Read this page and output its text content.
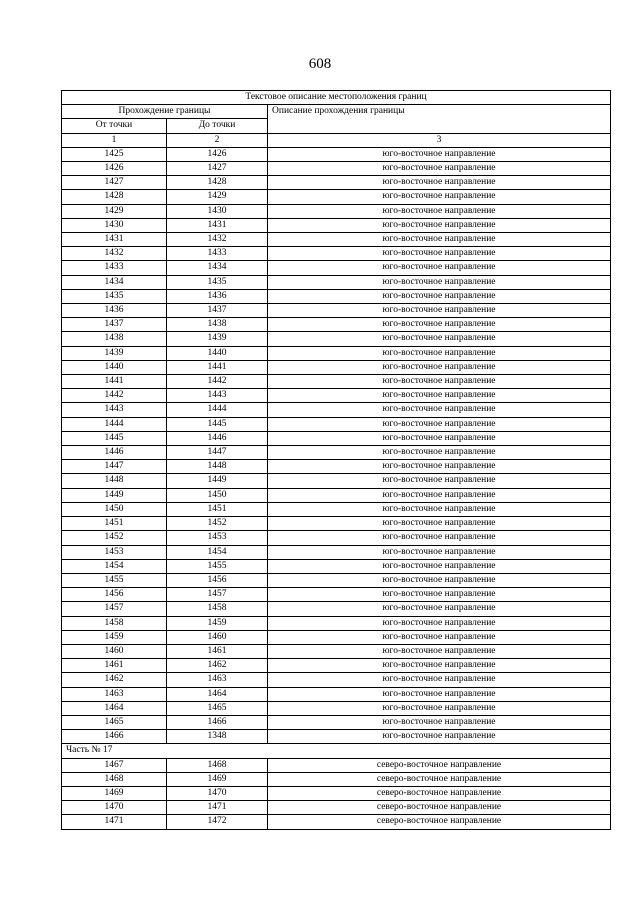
608
Текстовое описание местоположения границ		
Прохождение границы		Описание прохождения границы
От точки	До точки	
1	2	3
1425	1426	юго-восточное направление
1426	1427	юго-восточное направление
1427	1428	юго-восточное направление
1428	1429	юго-восточное направление
1429	1430	юго-восточное направление
1430	1431	юго-восточное направление
1431	1432	юго-восточное направление
1432	1433	юго-восточное направление
1433	1434	юго-восточное направление
1434	1435	юго-восточное направление
1435	1436	юго-восточное направление
1436	1437	юго-восточное направление
1437	1438	юго-восточное направление
1438	1439	юго-восточное направление
1439	1440	юго-восточное направление
1440	1441	юго-восточное направление
1441	1442	юго-восточное направление
1442	1443	юго-восточное направление
1443	1444	юго-восточное направление
1444	1445	юго-восточное направление
1445	1446	юго-восточное направление
1446	1447	юго-восточное направление
1447	1448	юго-восточное направление
1448	1449	юго-восточное направление
1449	1450	юго-восточное направление
1450	1451	юго-восточное направление
1451	1452	юго-восточное направление
1452	1453	юго-восточное направление
1453	1454	юго-восточное направление
1454	1455	юго-восточное направление
1455	1456	юго-восточное направление
1456	1457	юго-восточное направление
1457	1458	юго-восточное направление
1458	1459	юго-восточное направление
1459	1460	юго-восточное направление
1460	1461	юго-восточное направление
1461	1462	юго-восточное направление
1462	1463	юго-восточное направление
1463	1464	юго-восточное направление
1464	1465	юго-восточное направление
1465	1466	юго-восточное направление
1466	1348	юго-восточное направление
Часть № 17		
1467	1468	северо-восточное направление
1468	1469	северо-восточное направление
1469	1470	северо-восточное направление
1470	1471	северо-восточное направление
1471	1472	северо-восточное направление
